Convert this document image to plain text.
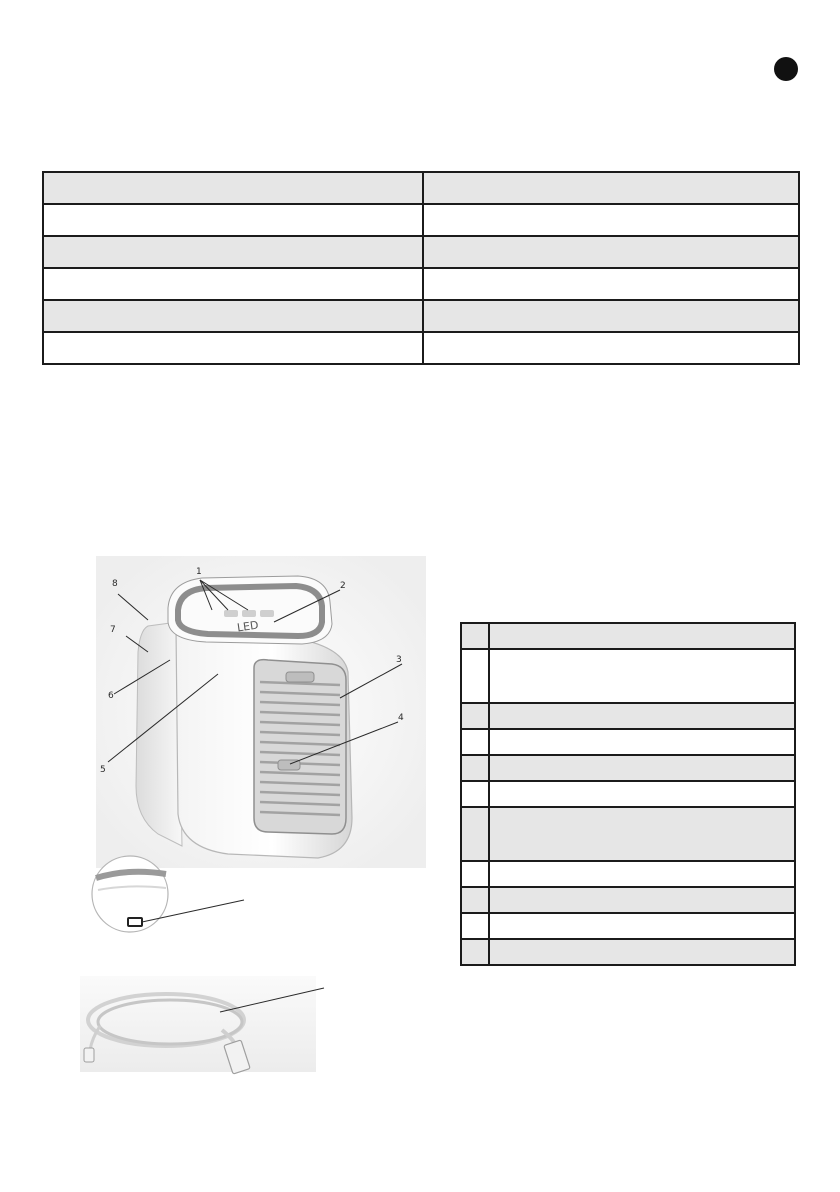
LED
1
2
3
4
5
6
7
8
